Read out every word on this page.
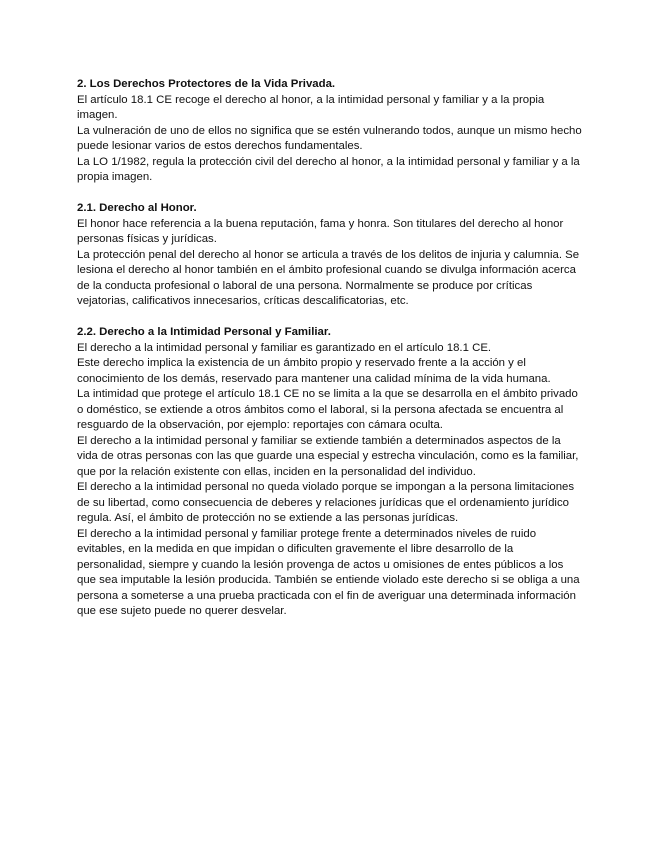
2. Los Derechos Protectores de la Vida Privada.

El artículo 18.1 CE recoge el derecho al honor, a la intimidad personal y familiar y a la propia imagen.

La vulneración de uno de ellos no significa que se estén vulnerando todos, aunque un mismo hecho puede lesionar varios de estos derechos fundamentales.

La LO 1/1982, regula la protección civil del derecho al honor, a la intimidad personal y familiar y a la propia imagen.

2.1. Derecho al Honor.

El honor hace referencia a la buena reputación, fama y honra. Son titulares del derecho al honor personas físicas y jurídicas.

La protección penal del derecho al honor se articula a través de los delitos de injuria y calumnia. Se lesiona el derecho al honor también en el ámbito profesional cuando se divulga información acerca de la conducta profesional o laboral de una persona. Normalmente se produce por críticas vejatorias, calificativos innecesarios, críticas descalificatorias, etc.

2.2. Derecho a la Intimidad Personal y Familiar.

El derecho a la intimidad personal y familiar es garantizado en el artículo 18.1 CE.

Este derecho implica la existencia de un ámbito propio y reservado frente a la acción y el conocimiento de los demás, reservado para mantener una calidad mínima de la vida humana.

La intimidad que protege el artículo 18.1 CE no se limita a la que se desarrolla en el ámbito privado o doméstico, se extiende a otros ámbitos como el laboral, si la persona afectada se encuentra al resguardo de la observación, por ejemplo: reportajes con cámara oculta.

El derecho a la intimidad personal y familiar se extiende también a determinados aspectos de la vida de otras personas con las que guarde una especial y estrecha vinculación, como es la familiar, que por la relación existente con ellas, inciden en la personalidad del individuo.

El derecho a la intimidad personal no queda violado porque se impongan a la persona limitaciones de su libertad, como consecuencia de deberes y relaciones jurídicas que el ordenamiento jurídico regula. Así, el ámbito de protección no se extiende a las personas jurídicas.

El derecho a la intimidad personal y familiar protege frente a determinados niveles de ruido evitables, en la medida en que impidan o dificulten gravemente el libre desarrollo de la personalidad, siempre y cuando la lesión provenga de actos u omisiones de entes públicos a los que sea imputable la lesión producida. También se entiende violado este derecho si se obliga a una persona a someterse a una prueba practicada con el fin de averiguar una determinada información que ese sujeto puede no querer desvelar.
